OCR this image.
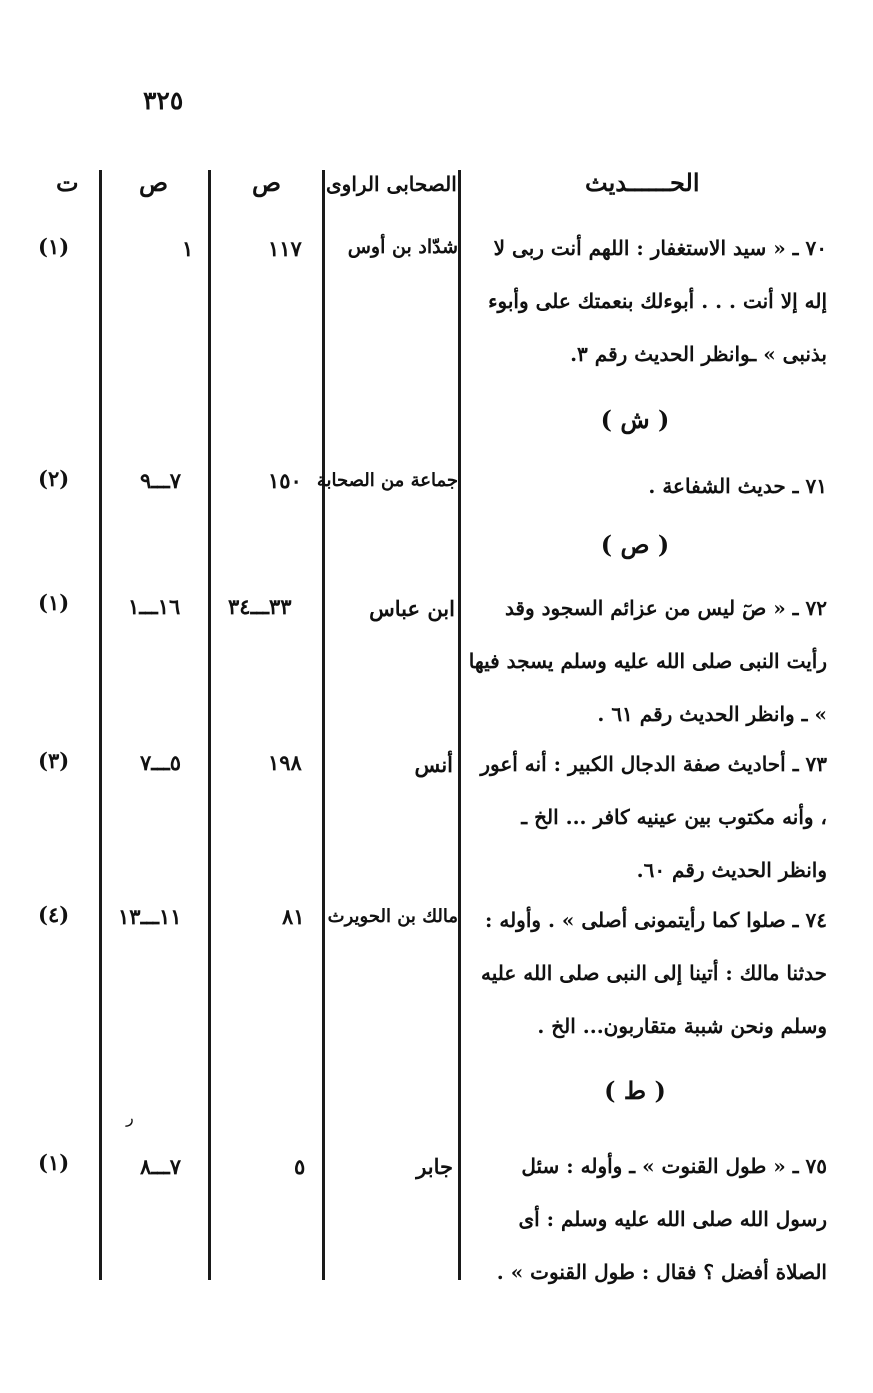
٣٢٥
الحــــــديث
الصحابى الراوى
ص
ص
ت
٧٠ ـ « سيد الاستغفار : اللهم أنت ربى لا إله إلا أنت . . . أبوءلك بنعمتك على وأبوء بذنبى » ـوانظر الحديث رقم ٣.
شدّاد بن أوس
١١٧
١
(١)
( ش )
٧١ ـ حديث الشفاعة .
جماعة من الصحابة
١٥٠
٧ـــ٩
(٢)
( ص )
٧٢ ـ « صٓ ليس من عزائم السجود وقد رأيت النبى صلى الله عليه وسلم يسجد فيها » ـ وانظر الحديث رقم ٦١ .
ابن عباس
٣٣ـــ٣٤
١٦ـــ١
(١)
٧٣ ـ أحاديث صفة الدجال الكبير : أنه أعور ، وأنه مكتوب بين عينيه كافر ... الخ ـ وانظر الحديث رقم ٦٠.
أنس
١٩٨
٥ـــ٧
(٣)
٧٤ ـ صلوا كما رأيتمونى أصلى » . وأوله : حدثنا مالك : أتينا إلى النبى صلى الله عليه وسلم ونحن شببة متقاربون... الخ .
مالك بن الحويرث
٨١
١١ـــ١٣
(٤)
( ط )
ر
٧٥ ـ « طول القنوت » ـ وأوله : سئل رسول الله صلى الله عليه وسلم : أى الصلاة أفضل ؟ فقال : طول القنوت » .
جابر
٥
٧ـــ٨
(١)
